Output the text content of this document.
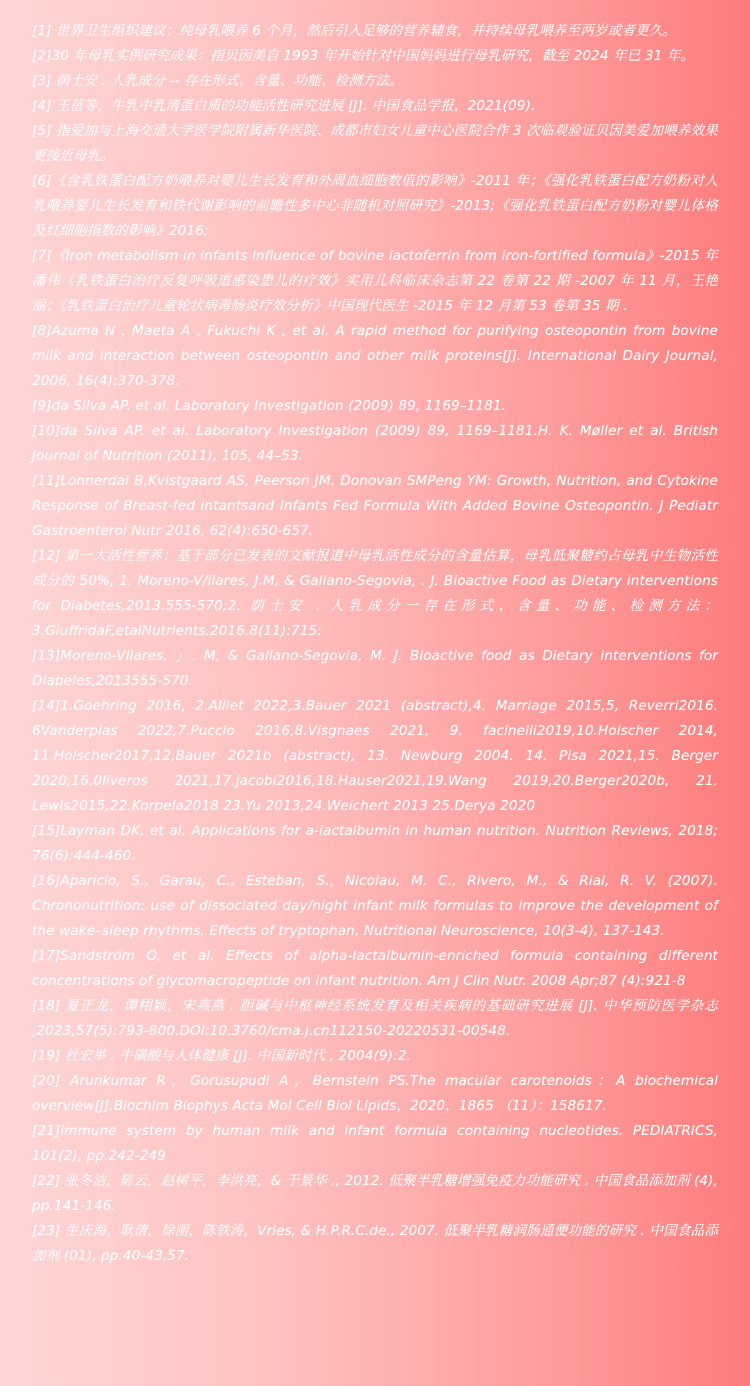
[1] 世界卫生组织建议：纯母乳喂养 6 个月，然后引入足够的营养辅食，并持续母乳喂养至两岁或者更久。

[2]30 年母乳实例研究成果：指贝因美自 1993 年开始针对中国妈妈进行母乳研究，截至 2024 年已 31 年。

[3] 荫士安 . 人乳成分 -- 存在形式、含量、功能、检测方法。

[4] 王蓓等，牛乳中乳清蛋白质的功能活性研究进展 [J]. 中国食品学报，2021(09).

[5] 指爱加与上海交通大学医学院附属新华医院、成都市妇女儿童中心医院合作 3 次临观验证贝因美爱加喂养效果更接近母乳。

[6]《含乳铁蛋白配方奶喂养对婴儿生长发育和外周血细胞数值的影响》-2011 年；《强化乳铁蛋白配方奶粉对人乳喂养婴儿生长发育和铁代谢影响的前瞻性多中心非随机对照研究》-2013;《强化乳铁蛋白配方奶粉对婴儿体格及红细胞指数的影响》2016;

[7]《Iron metabolism in infants influence of bovine lactoferrin from iron-fortified formula》-2015 年 潘伟《乳铁蛋白治疗反复呼吸道感染患儿的疗效》实用儿科临床杂志第 22 卷第 22 期 -2007 年 11 月，王艳丽；《乳铁蛋白治疗儿童轮状病毒肠炎疗效分析》中国现代医生 -2015 年 12 月第 53 卷第 35 期 .

[8]Azuma N , Maeta A , Fukuchi K , et al. A rapid method for purifying osteopontin from bovine milk and interaction between osteopontin and other milk proteins[J]. International Dairy Journal, 2006, 16(4):370-378.

[9]da Silva AP. et al. Laboratory Investigation (2009) 89, 1169–1181.

[10]da Silva AP. et al. Laboratory Investigation (2009) 89, 1169–1181.H. K. Møller et al. British Journal of Nutrition (2011), 105, 44–53.

[11]Lonnerdal B,Kvistgaard AS, Peerson JM, Donovan SMPeng YM: Growth, Nutrition, and Cytokine Response of Breast-fed intantsand Infants Fed Formula With Added Bovine Osteopontin. J Pediatr Gastroenterol Nutr 2016, 62(4):650-657.

[12] 第一大活性营养：基于部分已发表的文献报道中母乳活性成分的含量估算，母乳低聚糖约占母乳中生物活性成分的 50%, 1. Moreno-V/ilares, J.M, & Galiano-Segovia, . J. Bioactive Food as Dietary interventions for Diabetes,2013.555-570;2. 荫士安 . 人乳成分一存在形式、含量、功能、检测方法：3.GiuffridaF,etalNutrients.2016.8(11):715:

[13]Moreno-Vilares, 」. M, & Gallano-Segovia, M. J. Bioactive food as Dietary interventions for Diabeles,2013555-570.

[14]1.Goehring 2016, 2.Alliet 2022,3.Bauer 2021 (abstract),4. Marriage 2015,5, Reverri2016. 6Vanderplas 2022,7.Puccio 2016,8.Visgnaes 2021, 9. facinelli2019,10.Holscher 2014, 11.Holscher2017,12,Bauer 2021b (abstract), 13. Newburg 2004. 14. Pisa 2021,15. Berger 2020,16.0liveros 2021,17.jacobi2016,18.Hauser2021,19.Wang 2019,20.Berger2020b, 21. Lewis2015,22.Korpela2018 23.Yu 2013,24.Weichert 2013 25.Derya 2020

[15]Layman DK, et al. Applications for a-lactalbumin in human nutrition. Nutrition Reviews, 2018; 76(6):444-460.

[16]Aparicio, S., Garau, C., Esteban, S., Nicolau, M. C., Rivero, M., & Rial, R. V. (2007). Chrononutrition: use of dissociated day/night infant milk formulas to improve the development of the wake–sleep rhythms. Effects of tryptophan. Nutritional Neuroscience, 10(3-4), 137-143.

[17]Sandström O, et al. Effects of alpha-lactalbumin-enriched formula containing different concentrations of glycomacropeptide on infant nutrition. Am J Clin Nutr. 2008 Apr;87 (4):921-8

[18] 夏正龙，谭栩颖，宋燕燕 . 胆碱与中枢神经系统发育及相关疾病的基础研究进展 [J]. 中华预防医学杂志 ,2023,57(5):793-800.DOI:10.3760/cma.j.cn112150-20220531-00548.

[19] 杜宏举 . 牛磺酸与人体健康 [J]. 中国新时代 , 2004(9):2.

[20] Arunkumar R，Gorusupudi A，Bernstein PS.The macular carotenoids：A biochemical overview[J].Biochim Biophys Acta Mol Cell Biol Lipids，2020，1865 （11）：158617.

[21]immune system by human milk and infant formula containing nucleotides. PEDIATRICS, 101(2), pp.242-249

[22] 张冬洁，陈云，赵树平，李洪亮，& 于景华 ., 2012. 低聚半乳糖增强免疫力功能研究 . 中国食品添加剂 (4), pp.141-146.

[23] 生庆海，耿倩，徐丽，陈铁涛，Vries, & H.P.R.C.de., 2007. 低聚半乳糖润肠通便功能的研究 . 中国食品添加剂 (01), pp.40-43,57.
